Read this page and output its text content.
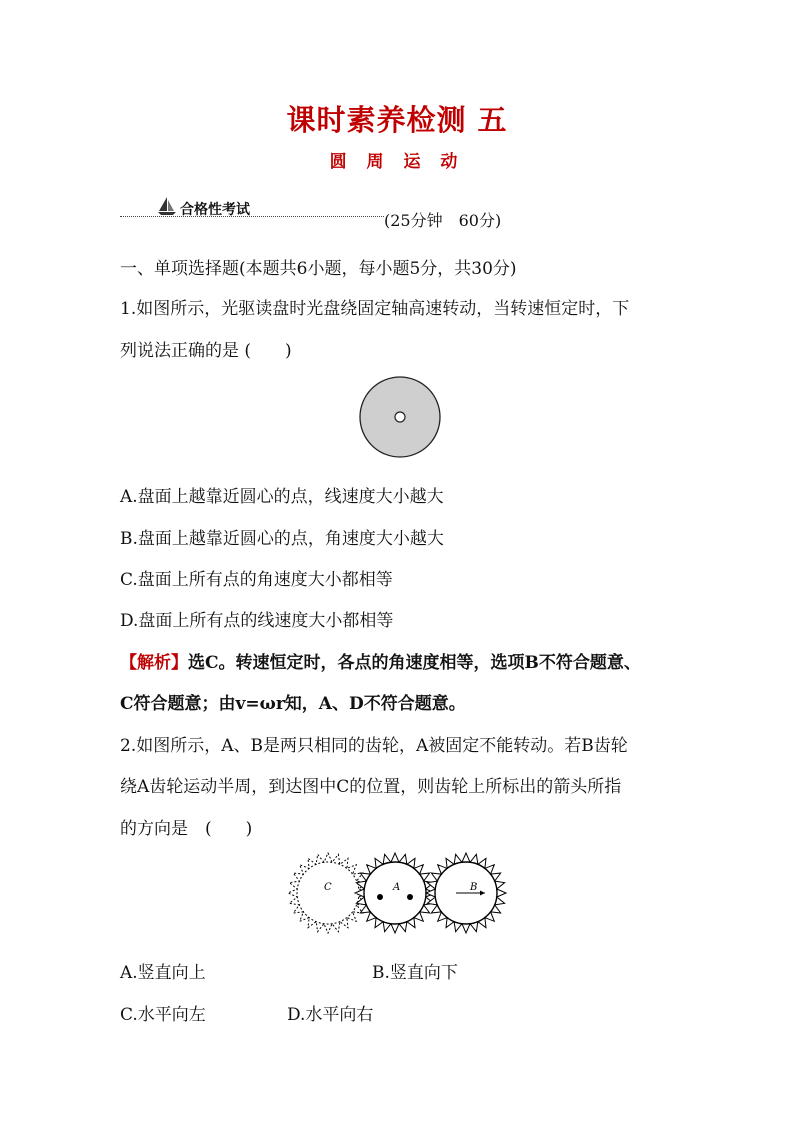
课时素养检测 五
圆 周 运 动
合格性考试
(25分钟　60分)
一、单项选择题(本题共6小题，每小题5分，共30分)
1.如图所示，光驱读盘时光盘绕固定轴高速转动，当转速恒定时，下
列说法正确的是 (　　)
A.盘面上越靠近圆心的点，线速度大小越大
B.盘面上越靠近圆心的点，角速度大小越大
C.盘面上所有点的角速度大小都相等
D.盘面上所有点的线速度大小都相等
【解析】选C。转速恒定时，各点的角速度相等，选项B不符合题意、
C符合题意；由v=ωr知，A、D不符合题意。
2.如图所示，A、B是两只相同的齿轮，A被固定不能转动。若B齿轮
绕A齿轮运动半周，到达图中C的位置，则齿轮上所标出的箭头所指
的方向是　(　　)
C	A	B
A.竖直向上	B.竖直向下
C.水平向左	D.水平向右
